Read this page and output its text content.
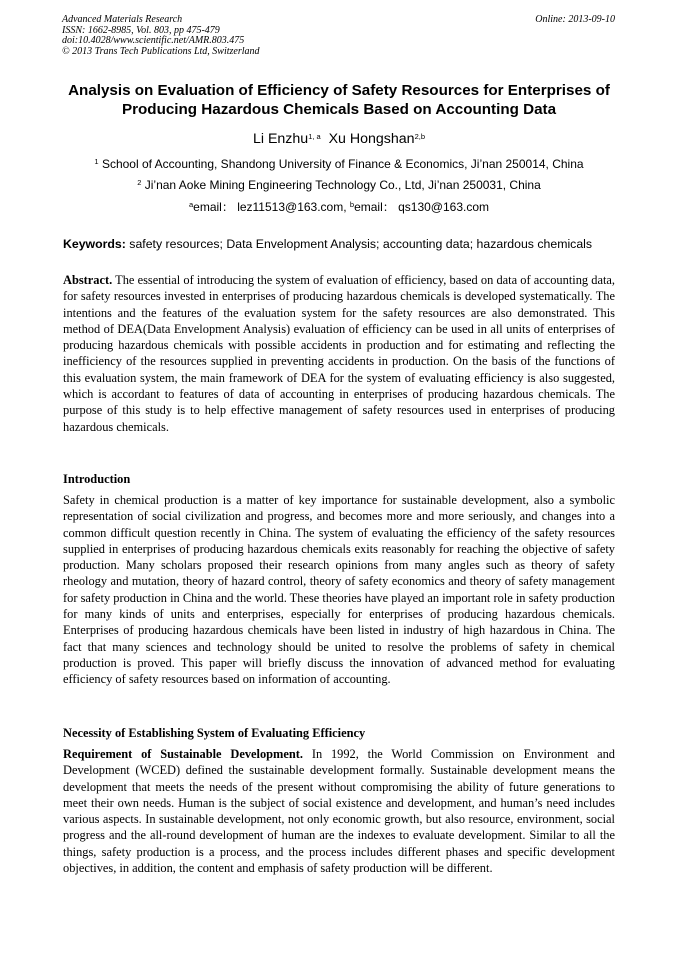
Advanced Materials Research
ISSN: 1662-8985, Vol. 803, pp 475-479
doi:10.4028/www.scientific.net/AMR.803.475
© 2013 Trans Tech Publications Ltd, Switzerland
Online: 2013-09-10
Analysis on Evaluation of Efficiency of Safety Resources for Enterprises of Producing Hazardous Chemicals Based on Accounting Data
Li Enzhu$^{1, a}$ Xu Hongshan$^{2,b}$
$^1$ School of Accounting, Shandong University of Finance & Economics, Ji’nan 250014, China
$^2$ Ji’nan Aoke Mining Engineering Technology Co., Ltd, Ji’nan 250031, China
$^a$email： lez11513@163.com, $^b$email： qs130@163.com
Keywords: safety resources; Data Envelopment Analysis; accounting data; hazardous chemicals
Abstract. The essential of introducing the system of evaluation of efficiency, based on data of accounting data, for safety resources invested in enterprises of producing hazardous chemicals is developed systematically. The intentions and the features of the evaluation system for the safety resources are also demonstrated. This method of DEA(Data Envelopment Analysis) evaluation of efficiency can be used in all units of enterprises of producing hazardous chemicals with possible accidents in production and for estimating and reflecting the inefficiency of the resources supplied in preventing accidents in production. On the basis of the functions of this evaluation system, the main framework of DEA for the system of evaluating efficiency is also suggested, which is accordant to features of data of accounting in enterprises of producing hazardous chemicals. The purpose of this study is to help effective management of safety resources used in enterprises of producing hazardous chemicals.
Introduction
Safety in chemical production is a matter of key importance for sustainable development, also a symbolic representation of social civilization and progress, and becomes more and more seriously, and changes into a common difficult question recently in China. The system of evaluating the efficiency of the safety resources supplied in enterprises of producing hazardous chemicals exits reasonably for reaching the objective of safety production. Many scholars proposed their research opinions from many angles such as theory of safety rheology and mutation, theory of hazard control, theory of safety economics and theory of safety management for safety production in China and the world. These theories have played an important role in safety production for many kinds of units and enterprises, especially for enterprises of producing hazardous chemicals. Enterprises of producing hazardous chemicals have been listed in industry of high hazardous in China. The fact that many sciences and technology should be united to resolve the problems of safety in chemical production is proved. This paper will briefly discuss the innovation of advanced method for evaluating efficiency of safety resources based on information of accounting.
Necessity of Establishing System of Evaluating Efficiency
Requirement of Sustainable Development. In 1992, the World Commission on Environment and Development (WCED) defined the sustainable development formally. Sustainable development means the development that meets the needs of the present without compromising the ability of future generations to meet their own needs. Human is the subject of social existence and development, and human’s need includes various aspects. In sustainable development, not only economic growth, but also resource, environment, social progress and the all-round development of human are the indexes to evaluate development. Similar to all the things, safety production is a process, and the process includes different phases and specific development objectives, in addition, the content and emphasis of safety production will be different.
